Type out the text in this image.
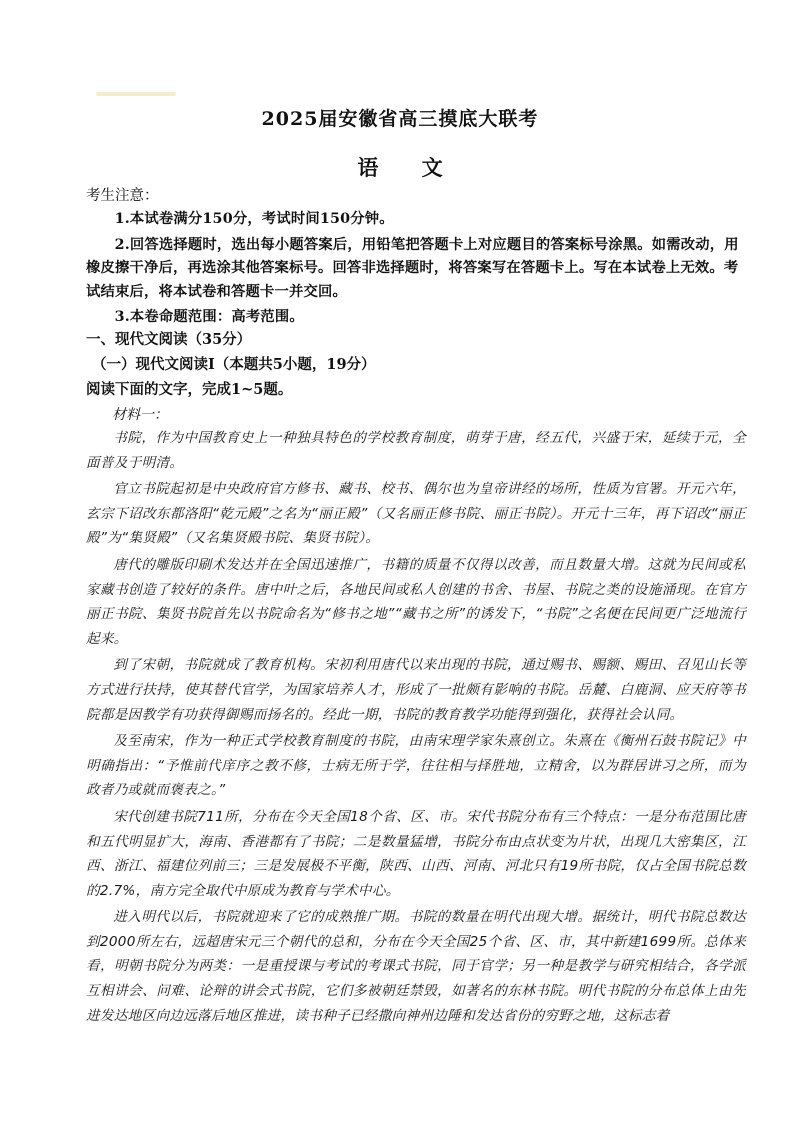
2025届安徽省高三摸底大联考
语 文
考生注意：

1.本试卷满分150分，考试时间150分钟。

2.回答选择题时，选出每小题答案后，用铅笔把答题卡上对应题目的答案标号涂黑。如需改动，用橡皮擦干净后，再选涂其他答案标号。回答非选择题时，将答案写在答题卡上。写在本试卷上无效。考试结束后，将本试卷和答题卡一并交回。

3.本卷命题范围：高考范围。

一、现代文阅读（35分）
（一）现代文阅读Ⅰ（本题共5小题，19分）
阅读下面的文字，完成1~5题。
材料一：

书院，作为中国教育史上一种独具特色的学校教育制度，萌芽于唐，经五代，兴盛于宋，延续于元，全面普及于明清。

官立书院起初是中央政府官方修书、藏书、校书、偶尔也为皇帝讲经的场所，性质为官署。开元六年，玄宗下诏改东都洛阳“乾元殿”之名为“丽正殿”（又名丽正修书院、丽正书院）。开元十三年，再下诏改“丽正殿”为“集贤殿”（又名集贤殿书院、集贤书院）。

唐代的雕版印刷术发达并在全国迅速推广，书籍的质量不仅得以改善，而且数量大增。这就为民间或私家藏书创造了较好的条件。唐中叶之后，各地民间或私人创建的书舍、书屋、书院之类的设施涌现。在官方丽正书院、集贤书院首先以书院命名为“修书之地”“藏书之所”的诱发下，“书院”之名便在民间更广泛地流行起来。

到了宋朝，书院就成了教育机构。宋初利用唐代以来出现的书院，通过赐书、赐额、赐田、召见山长等方式进行扶持，使其替代官学，为国家培养人才，形成了一批颇有影响的书院。岳麓、白鹿洞、应天府等书院都是因教学有功获得御赐而扬名的。经此一期，书院的教育教学功能得到强化，获得社会认同。

及至南宋，作为一种正式学校教育制度的书院，由南宋理学家朱熹创立。朱熹在《衡州石鼓书院记》中明确指出：“予惟前代庠序之教不修，士病无所于学，往往相与择胜地，立精舍，以为群居讲习之所，而为政者乃或就而褒表之。”

宋代创建书院711所，分布在今天全国18个省、区、市。宋代书院分布有三个特点：一是分布范围比唐和五代明显扩大，海南、香港都有了书院；二是数量猛增，书院分布由点状变为片状，出现几大密集区，江西、浙江、福建位列前三；三是发展极不平衡，陕西、山西、河南、河北只有19所书院，仅占全国书院总数的2.7%，南方完全取代中原成为教育与学术中心。

进入明代以后，书院就迎来了它的成熟推广期。书院的数量在明代出现大增。据统计，明代书院总数达到2000所左右，远超唐宋元三个朝代的总和，分布在今天全国25个省、区、市，其中新建1699所。总体来看，明朝书院分为两类：一是重授课与考试的考课式书院，同于官学；另一种是教学与研究相结合，各学派互相讲会、问难、论辩的讲会式书院，它们多被朝廷禁毁，如著名的东林书院。明代书院的分布总体上由先进发达地区向边远落后地区推进，读书种子已经撒向神州边陲和发达省份的穷野之地，这标志着
